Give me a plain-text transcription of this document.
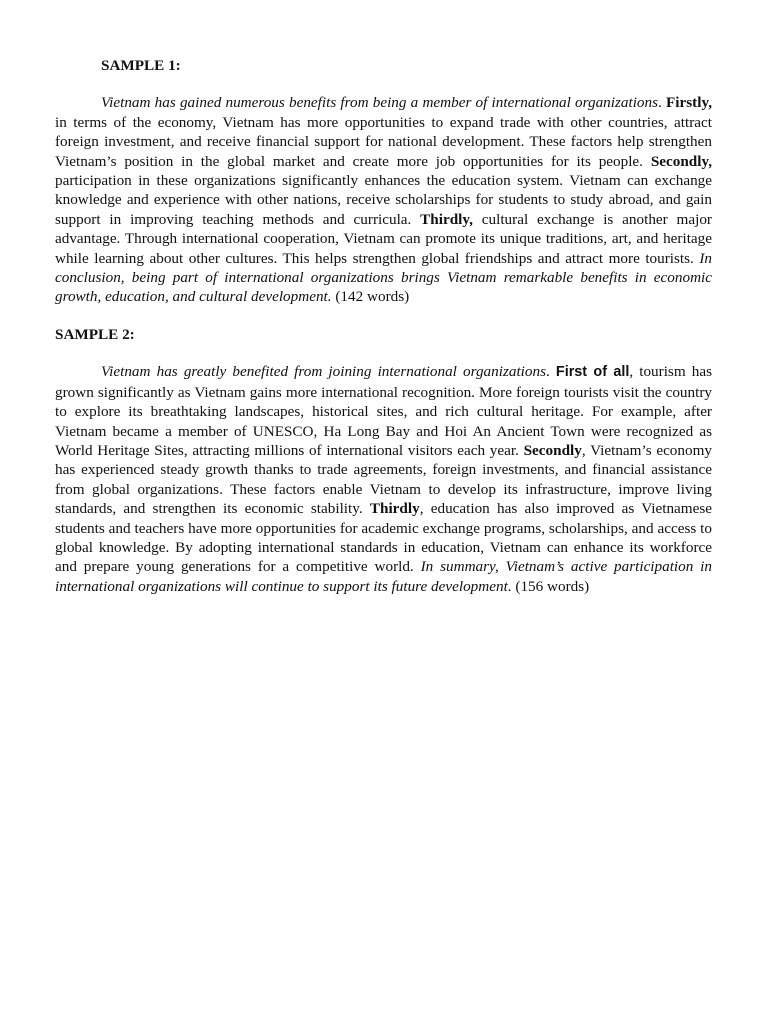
SAMPLE 1:

Vietnam has gained numerous benefits from being a member of international organizations. Firstly, in terms of the economy, Vietnam has more opportunities to expand trade with other countries, attract foreign investment, and receive financial support for national development. These factors help strengthen Vietnam’s position in the global market and create more job opportunities for its people. Secondly, participation in these organizations significantly enhances the education system. Vietnam can exchange knowledge and experience with other nations, receive scholarships for students to study abroad, and gain support in improving teaching methods and curricula. Thirdly, cultural exchange is another major advantage. Through international cooperation, Vietnam can promote its unique traditions, art, and heritage while learning about other cultures. This helps strengthen global friendships and attract more tourists. In conclusion, being part of international organizations brings Vietnam remarkable benefits in economic growth, education, and cultural development. (142 words)

SAMPLE 2:

Vietnam has greatly benefited from joining international organizations. First of all, tourism has grown significantly as Vietnam gains more international recognition. More foreign tourists visit the country to explore its breathtaking landscapes, historical sites, and rich cultural heritage. For example, after Vietnam became a member of UNESCO, Ha Long Bay and Hoi An Ancient Town were recognized as World Heritage Sites, attracting millions of international visitors each year. Secondly, Vietnam’s economy has experienced steady growth thanks to trade agreements, foreign investments, and financial assistance from global organizations. These factors enable Vietnam to develop its infrastructure, improve living standards, and strengthen its economic stability. Thirdly, education has also improved as Vietnamese students and teachers have more opportunities for academic exchange programs, scholarships, and access to global knowledge. By adopting international standards in education, Vietnam can enhance its workforce and prepare young generations for a competitive world. In summary, Vietnam’s active participation in international organizations will continue to support its future development. (156 words)
